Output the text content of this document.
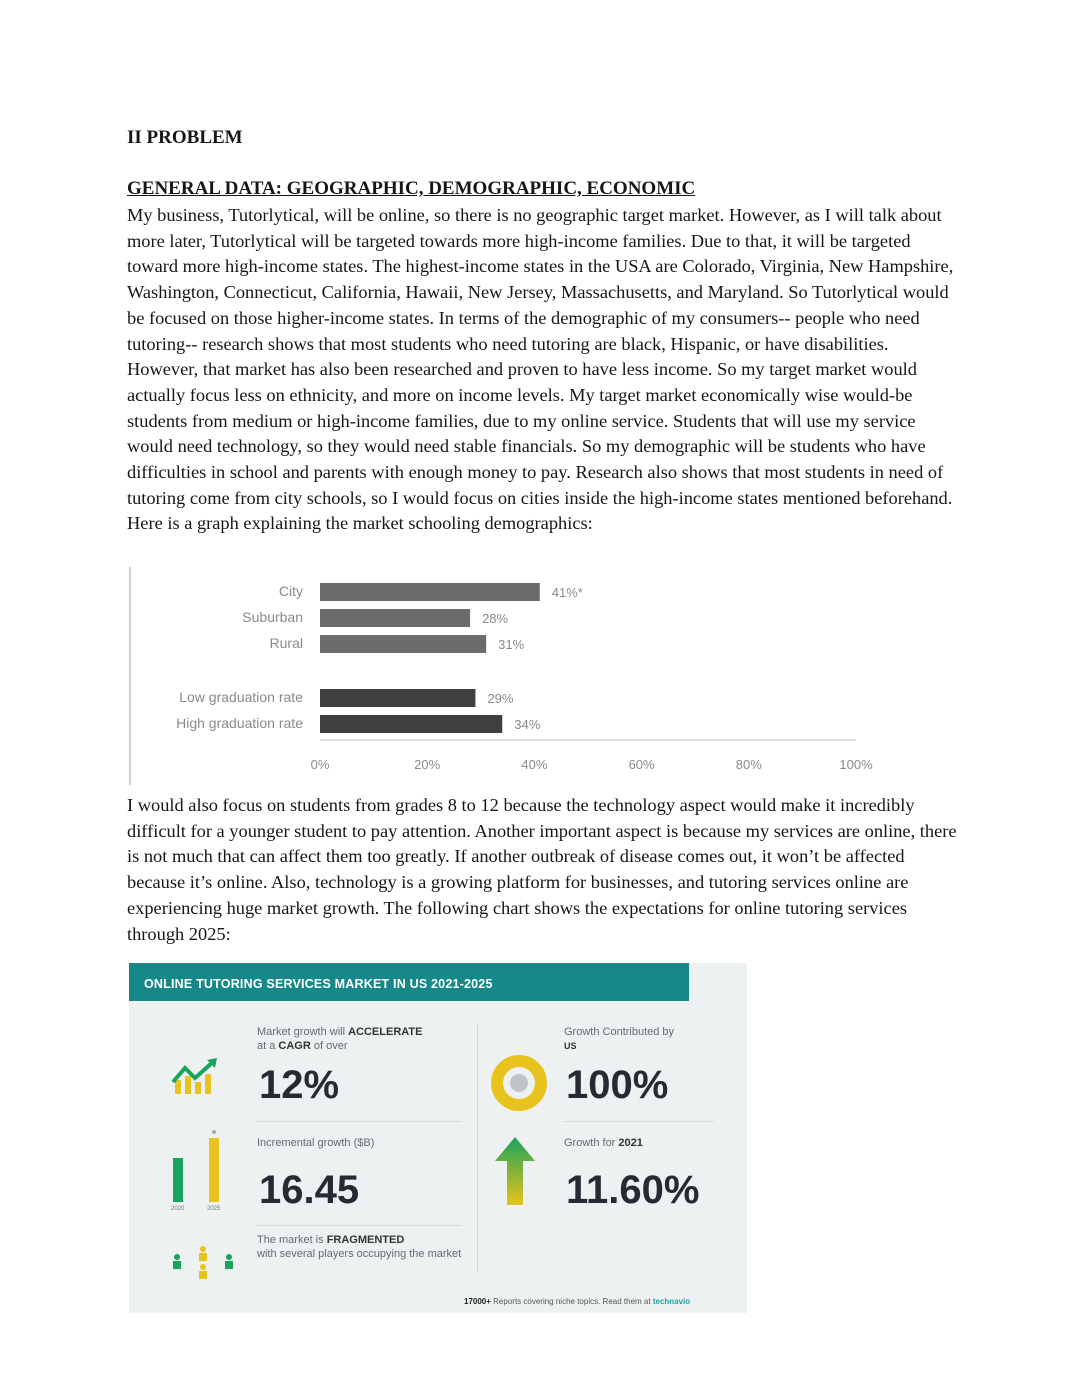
II PROBLEM
GENERAL DATA: GEOGRAPHIC, DEMOGRAPHIC, ECONOMIC

My business, Tutorlytical, will be online, so there is no geographic target market. However, as I will talk about more later, Tutorlytical will be targeted towards more high-income families. Due to that, it will be targeted toward more high-income states. The highest-income states in the USA are Colorado, Virginia, New Hampshire, Washington, Connecticut, California, Hawaii, New Jersey, Massachusetts, and Maryland. So Tutorlytical would be focused on those higher-income states. In terms of the demographic of my consumers-- people who need tutoring-- research shows that most students who need tutoring are black, Hispanic, or have disabilities. However, that market has also been researched and proven to have less income. So my target market would actually focus less on ethnicity, and more on income levels. My target market economically wise would-be students from medium or high-income families, due to my online service. Students that will use my service would need technology, so they would need stable financials. So my demographic will be students who have difficulties in school and parents with enough money to pay. Research also shows that most students in need of tutoring come from city schools, so I would focus on cities inside the high-income states mentioned beforehand. Here is a graph explaining the market schooling demographics:

City	41%*
Suburban	28%
Rural	31%
Low graduation rate	29%
High graduation rate	34%
0%	20%	40%	60%	80%	100%

I would also focus on students from grades 8 to 12 because the technology aspect would make it incredibly difficult for a younger student to pay attention. Another important aspect is because my services are online, there is not much that can affect them too greatly. If another outbreak of disease comes out, it won’t be affected because it’s online. Also, technology is a growing platform for businesses, and tutoring services online are experiencing huge market growth. The following chart shows the expectations for online tutoring services through 2025:

ONLINE TUTORING SERVICES MARKET IN US 2021-2025
Market growth will ACCELERATE
at a CAGR of over
12%
2020	2025
Incremental growth ($B)
16.45
The market is FRAGMENTED
with several players occupying the market
Growth Contributed by
US
100%
Growth for 2021
11.60%
17000+ Reports covering niche topics. Read them at technavio
